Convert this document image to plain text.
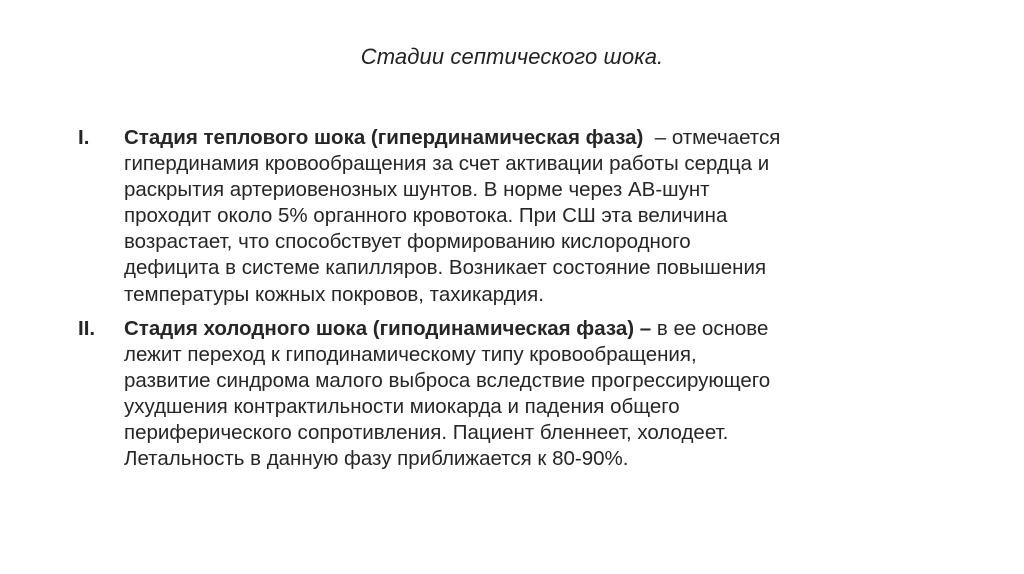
Стадии септического шока.
I. Стадия теплового шока (гипердинамическая фаза)  – отмечается
гипердинамия кровообращения за счет активации работы сердца и
раскрытия артериовенозных шунтов. В норме через АВ-шунт
проходит около 5% органного кровотока. При СШ эта величина
возрастает, что способствует формированию кислородного
дефицита в системе капилляров. Возникает состояние повышения
температуры кожных покровов, тахикардия.
II. Стадия холодного шока (гиподинамическая фаза) – в ее основе
лежит переход к гиподинамическому типу кровообращения,
развитие синдрома малого выброса вследствие прогрессирующего
ухудшения контрактильности миокарда и падения общего
периферического сопротивления. Пациент бленнеет, холодеет.
Летальность в данную фазу приближается к 80-90%.
